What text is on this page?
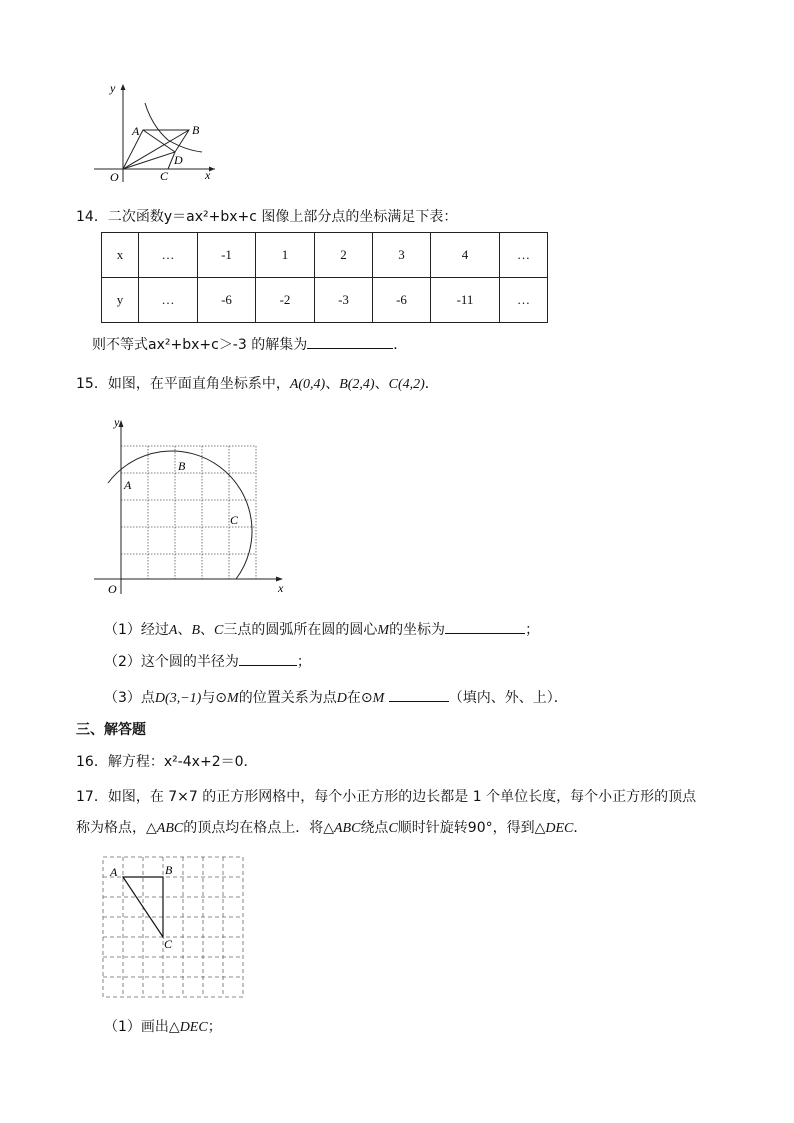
y
x
O
A	B
C
D
14．二次函数y＝ax²+bx+c 图像上部分点的坐标满足下表：
x	…	-1	1	2	3	4	…
y	…	-6	-2	-3	-6	-11	…
则不等式ax²+bx+c＞-3 的解集为	．
15．如图，在平面直角坐标系中，A(0,4)、B(2,4)、C(4,2)．
y
x
O
A
B
C
（1）经过A、B、C三点的圆弧所在圆的圆心M的坐标为	；
（2）这个圆的半径为	；
（3）点D(3,−1)与⊙M的位置关系为点D在⊙M	（填内、外、上）．
三、解答题
16．解方程：x²-4x+2＝0．
17．如图，在 7×7 的正方形网格中，每个小正方形的边长都是 1 个单位长度，每个小正方形的顶点
称为格点，△ABC的顶点均在格点上．将△ABC绕点C顺时针旋转90°，得到△DEC．
A	B
C
（1）画出△DEC；
